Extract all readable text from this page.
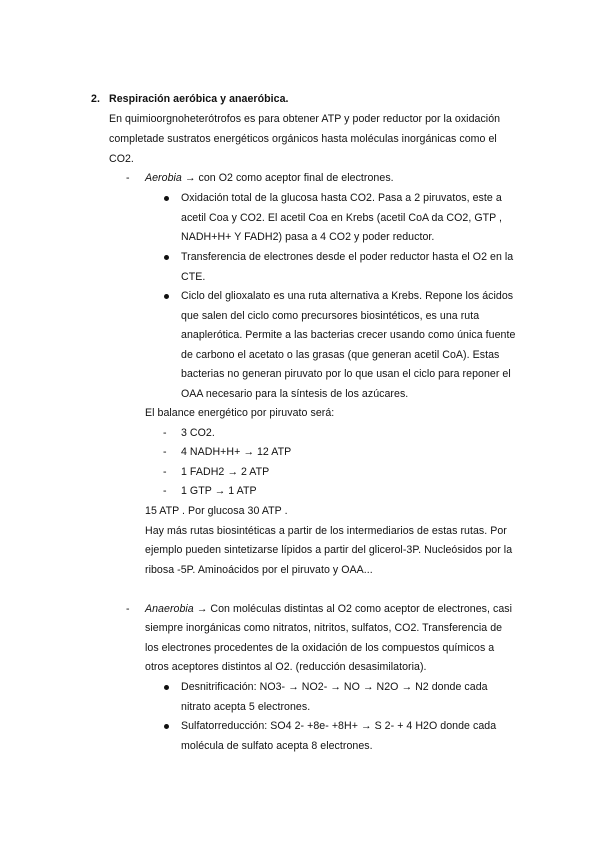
2. Respiración aeróbica y anaeróbica.
En quimioorgnoheterótrofos es para obtener ATP y poder reductor por la oxidación
completade sustratos energéticos orgánicos hasta moléculas inorgánicas como el
CO2.
- Aerobia → con O2 como aceptor final de electrones.
Oxidación total de la glucosa hasta CO2. Pasa a 2 piruvatos, este a
acetil Coa y CO2. El acetil Coa en Krebs (acetil CoA da CO2, GTP ,
NADH+H+ Y FADH2) pasa a 4 CO2 y poder reductor.
Transferencia de electrones desde el poder reductor hasta el O2 en la
CTE.
Ciclo del glioxalato es una ruta alternativa a Krebs. Repone los ácidos
que salen del ciclo como precursores biosintéticos, es una ruta
anaplerótica. Permite a las bacterias crecer usando como única fuente
de carbono el acetato o las grasas (que generan acetil CoA). Estas
bacterias no generan piruvato por lo que usan el ciclo para reponer el
OAA necesario para la síntesis de los azúcares.
El balance energético por piruvato será:
- 3 CO2.
- 4 NADH+H+ → 12 ATP
- 1 FADH2 → 2 ATP
- 1 GTP → 1 ATP
15 ATP . Por glucosa 30 ATP .
Hay más rutas biosintéticas a partir de los intermediarios de estas rutas. Por
ejemplo pueden sintetizarse lípidos a partir del glicerol-3P. Nucleósidos por la
ribosa -5P. Aminoácidos por el piruvato y OAA...
- Anaerobia → Con moléculas distintas al O2 como aceptor de electrones, casi
siempre inorgánicas como nitratos, nitritos, sulfatos, CO2. Transferencia de
los electrones procedentes de la oxidación de los compuestos químicos a
otros aceptores distintos al O2. (reducción desasimilatoria).
Desnitrificación: NO3- → NO2- → NO → N2O → N2 donde cada
nitrato acepta 5 electrones.
Sulfatorreducción: SO4 2- +8e- +8H+ → S 2- + 4 H2O donde cada
molécula de sulfato acepta 8 electrones.
